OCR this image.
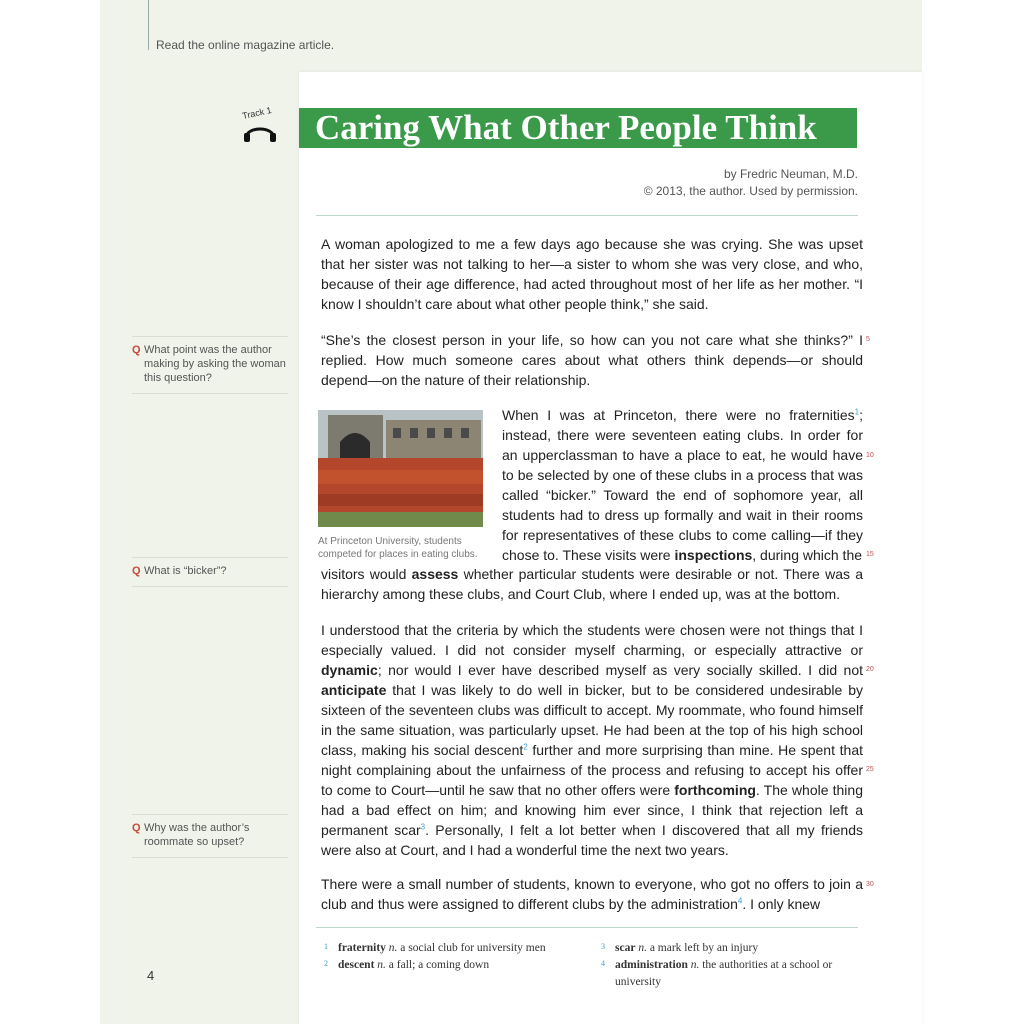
Read the online magazine article.
Track 1 Caring What Other People Think
by Fredric Neuman, M.D.
© 2013, the author. Used by permission.
Q What point was the author making by asking the woman this question?
Q What is “bicker”?
Q Why was the author’s roommate so upset?

A woman apologized to me a few days ago because she was crying. She was upset that her sister was not talking to her—a sister to whom she was very close, and who, because of their age difference, had acted throughout most of her life as her mother. “I know I shouldn’t care about what other people think,” she said.

“She’s the closest person in your life, so how can you not care what she thinks?” I replied. How much someone cares about what others think depends—or should depend—on the nature of their relationship.

At Princeton University, students competed for places in eating clubs.

When I was at Princeton, there were no fraternities$^1$; instead, there were seventeen eating clubs. In order for an upperclassman to have a place to eat, he would have to be selected by one of these clubs in a process that was called “bicker.” Toward the end of sophomore year, all students had to dress up formally and wait in their rooms for representatives of these clubs to come calling—if they chose to. These visits were inspections, during which the

visitors would assess whether particular students were desirable or not. There was a hierarchy among these clubs, and Court Club, where I ended up, was at the bottom.

I understood that the criteria by which the students were chosen were not things that I especially valued. I did not consider myself charming, or especially attractive or dynamic; nor would I ever have described myself as very socially skilled. I did not anticipate that I was likely to do well in bicker, but to be considered undesirable by sixteen of the seventeen clubs was difficult to accept. My roommate, who found himself in the same situation, was particularly upset. He had been at the top of his high school class, making his social descent$^2$ further and more surprising than mine. He spent that night complaining about the unfairness of the process and refusing to accept his offer to come to Court—until he saw that no other offers were forthcoming. The whole thing had a bad effect on him; and knowing him ever since, I think that rejection left a permanent scar$^3$. Personally, I felt a lot better when I discovered that all my friends were also at Court, and I had a wonderful time the next two years.

There were a small number of students, known to everyone, who got no offers to join a club and thus were assigned to different clubs by the administration$^4$. I only knew

5
10
15
20
25
30
1 fraternity n. a social club for university men
2 descent n. a fall; a coming down
3 scar n. a mark left by an injury
4 administration n. the authorities at a school or university
4
